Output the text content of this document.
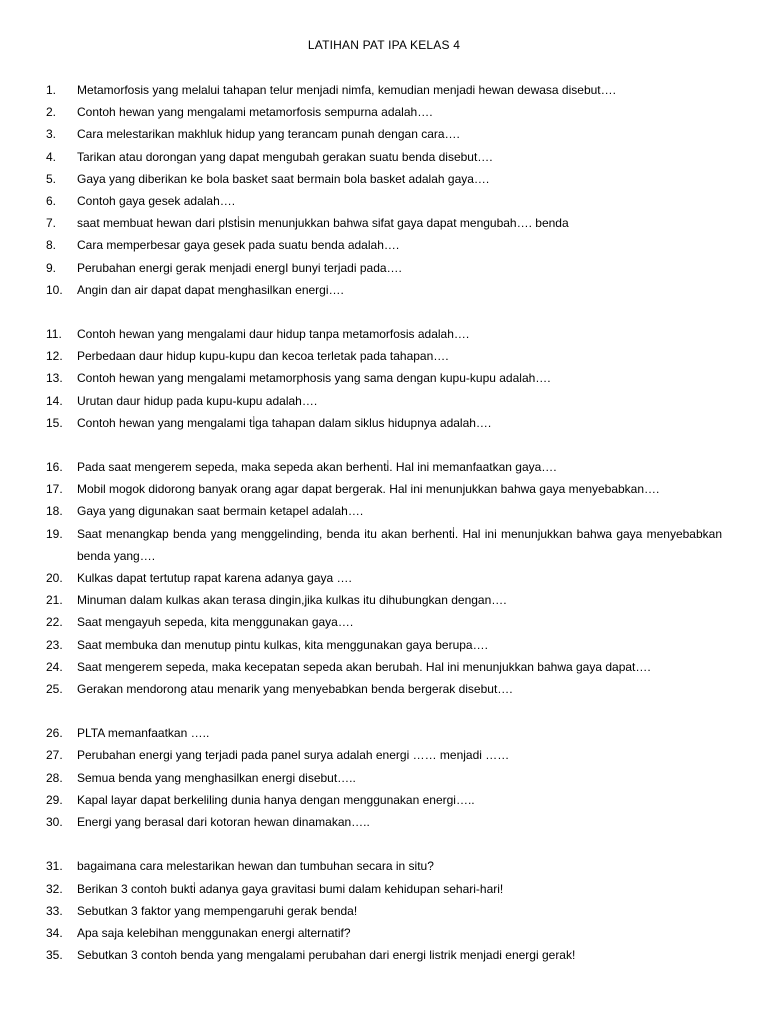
LATIHAN PAT IPA KELAS 4
1.	Metamorfosis yang melalui tahapan telur menjadi nimfa, kemudian menjadi hewan dewasa disebut….
2.	Contoh hewan yang mengalami metamorfosis sempurna adalah….
3.	Cara melestarikan makhluk hidup yang terancam punah dengan cara….
4.	Tarikan atau dorongan yang dapat mengubah gerakan suatu benda disebut….
5.	Gaya yang diberikan ke bola basket saat bermain bola basket adalah gaya….
6.	Contoh gaya gesek adalah….
7.	saat membuat hewan dari plsti̇sin menunjukkan bahwa sifat gaya dapat mengubah…. benda
8.	Cara memperbesar gaya gesek pada suatu benda adalah….
9.	Perubahan energi gerak menjadi energI bunyi terjadi pada….
10.	Angin dan air dapat dapat menghasilkan energi….
11.	Contoh hewan yang mengalami daur hidup tanpa metamorfosis adalah….
12.	Perbedaan daur hidup kupu-kupu dan kecoa terletak pada tahapan….
13.	Contoh hewan yang mengalami metamorphosis yang sama dengan kupu-kupu adalah….
14.	Urutan daur hidup pada kupu-kupu adalah….
15.	Contoh hewan yang mengalami ti̇ga tahapan dalam siklus hidupnya adalah….
16.	Pada saat mengerem sepeda, maka sepeda akan berhenti̇. Hal ini memanfaatkan gaya….
17.	Mobil mogok didorong banyak orang agar dapat bergerak. Hal ini menunjukkan bahwa gaya menyebabkan….
18.	Gaya yang digunakan saat bermain ketapel adalah….
19.	Saat menangkap benda yang menggelinding, benda itu akan berhenti̇. Hal ini menunjukkan bahwa gaya menyebabkan benda yang….
20.	Kulkas dapat tertutup rapat karena adanya gaya ….
21.	Minuman dalam kulkas akan terasa dingin,jika kulkas itu dihubungkan dengan….
22.	Saat mengayuh sepeda, kita menggunakan gaya….
23.	Saat membuka dan menutup pintu kulkas, kita menggunakan gaya berupa….
24.	Saat mengerem sepeda, maka kecepatan sepeda akan berubah. Hal ini menunjukkan bahwa gaya dapat….
25.	Gerakan mendorong atau menarik yang menyebabkan benda bergerak disebut….
26.	PLTA memanfaatkan …..
27.	Perubahan energi yang terjadi pada panel surya adalah energi …… menjadi ……
28.	Semua benda yang menghasilkan energi disebut…..
29.	Kapal layar dapat berkeliling dunia hanya dengan menggunakan energi…..
30.	Energi yang berasal dari kotoran hewan dinamakan…..
31.	bagaimana cara melestarikan hewan dan tumbuhan secara in situ?
32.	Berikan 3 contoh bukti̇ adanya gaya gravitasi bumi dalam kehidupan sehari-hari!
33.	Sebutkan 3 faktor yang mempengaruhi gerak benda!
34.	Apa saja kelebihan menggunakan energi alternatif?
35.	Sebutkan 3 contoh benda yang mengalami perubahan dari energi listrik menjadi energi gerak!
